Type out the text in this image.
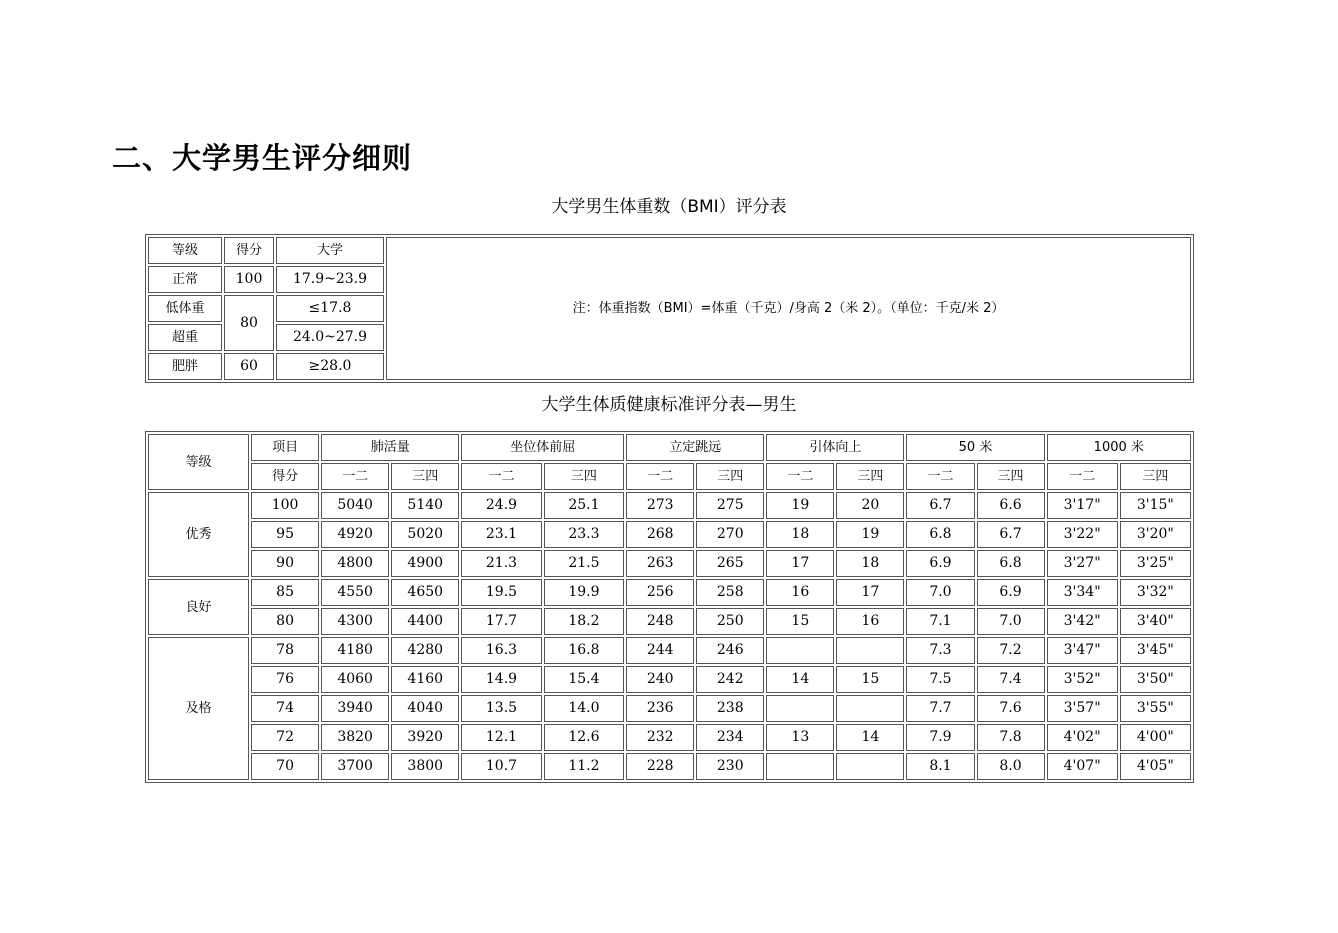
二、大学男生评分细则

大学男生体重数（BMI）评分表

等级	得分	大学	注：体重指数（BMI）=体重（千克）/身高 2（米 2）。（单位：千克/米 2）
正常	100	17.9~23.9	
低体重	80	≤17.8	
超重		24.0~27.9	
肥胖	60	≥28.0	

大学生体质健康标准评分表—男生

等级	项目	肺活量		坐位体前屈		立定跳远		引体向上		50 米		1000 米	
	得分	一二	三四	一二	三四	一二	三四	一二	三四	一二	三四	一二	三四
优秀	100	5040	5140	24.9	25.1	273	275	19	20	6.7	6.6	3'17"	3'15"
	95	4920	5020	23.1	23.3	268	270	18	19	6.8	6.7	3'22"	3'20"
	90	4800	4900	21.3	21.5	263	265	17	18	6.9	6.8	3'27"	3'25"
良好	85	4550	4650	19.5	19.9	256	258	16	17	7.0	6.9	3'34"	3'32"
	80	4300	4400	17.7	18.2	248	250	15	16	7.1	7.0	3'42"	3'40"
及格	78	4180	4280	16.3	16.8	244	246			7.3	7.2	3'47"	3'45"
	76	4060	4160	14.9	15.4	240	242	14	15	7.5	7.4	3'52"	3'50"
	74	3940	4040	13.5	14.0	236	238			7.7	7.6	3'57"	3'55"
	72	3820	3920	12.1	12.6	232	234	13	14	7.9	7.8	4'02"	4'00"
	70	3700	3800	10.7	11.2	228	230			8.1	8.0	4'07"	4'05"
